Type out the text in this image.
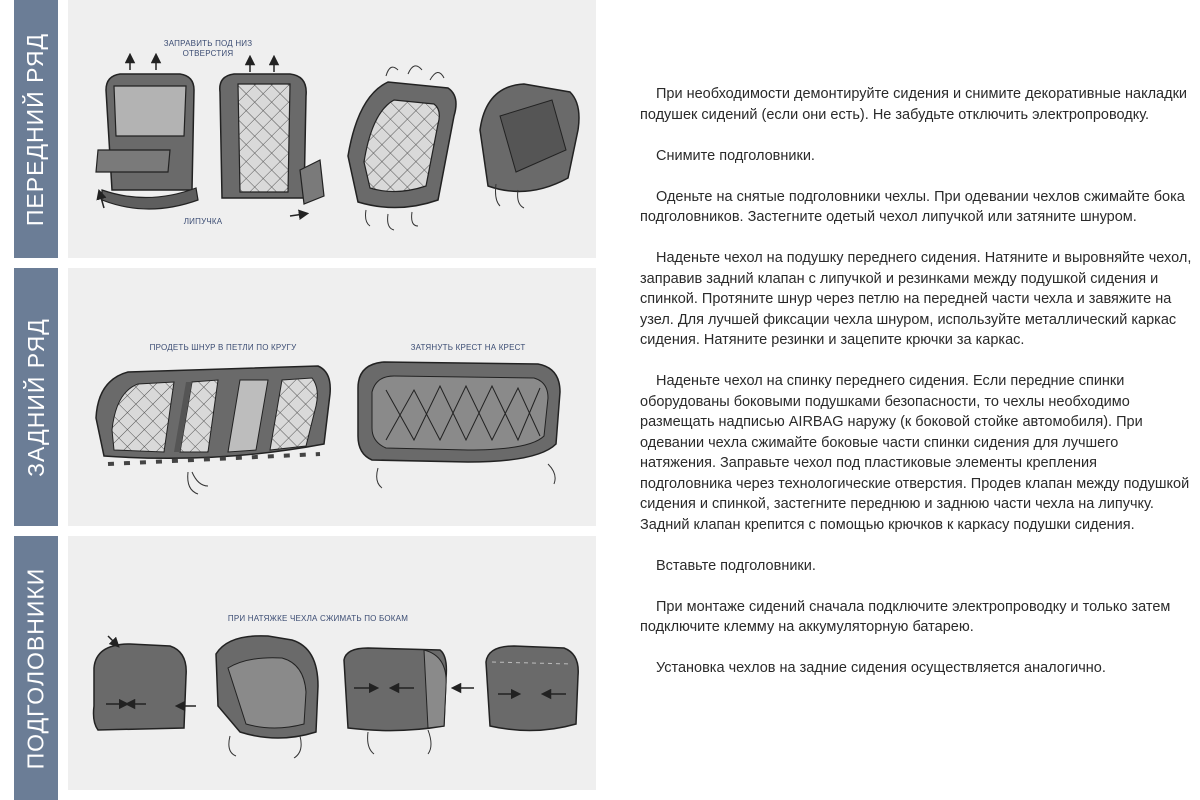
ПЕРЕДНИЙ РЯД
ЗАДНИЙ РЯД
ПОДГОЛОВНИКИ
ЗАПРАВИТЬ ПОД НИЗ
ОТВЕРСТИЯ
ЛИПУЧКА
ПРОДЕТЬ ШНУР В ПЕТЛИ ПО КРУГУ	ЗАТЯНУТЬ КРЕСТ НА КРЕСТ
ПРИ НАТЯЖКЕ ЧЕХЛА СЖИМАТЬ ПО БОКАМ

При необходимости демонтируйте сидения и снимите декоративные накладки подушек сидений (если они есть). Не забудьте отключить электропроводку.

Снимите подголовники.

Оденьте на снятые подголовники чехлы. При одевании чехлов сжимайте бока подголовников. Застегните одетый чехол липучкой или затяните шнуром.

Наденьте чехол на подушку переднего сидения. Натяните и выровняйте чехол, заправив задний клапан с липучкой и резинками между подушкой сидения и спинкой. Протяните шнур через петлю на передней части чехла и завяжите на узел. Для лучшей фиксации чехла шнуром, используйте металлический каркас сидения. Натяните резинки и зацепите крючки за каркас.

Наденьте чехол на спинку переднего сидения. Если передние спинки оборудованы боковыми подушками безопасности, то чехлы необходимо размещать надписью AIRBAG наружу (к боковой стойке автомобиля). При одевании чехла сжимайте боковые части спинки сидения для лучшего натяжения. Заправьте чехол под пластиковые элементы крепления подголовника через технологические отверстия. Продев клапан между подушкой сидения и спинкой, застегните переднюю и заднюю части чехла на липучку. Задний клапан крепится с помощью крючков к каркасу подушки сидения.

Вставьте подголовники.

При монтаже сидений сначала подключите электропроводку и только затем подключите клемму на аккумуляторную батарею.

Установка чехлов на задние сидения осуществляется аналогично.
